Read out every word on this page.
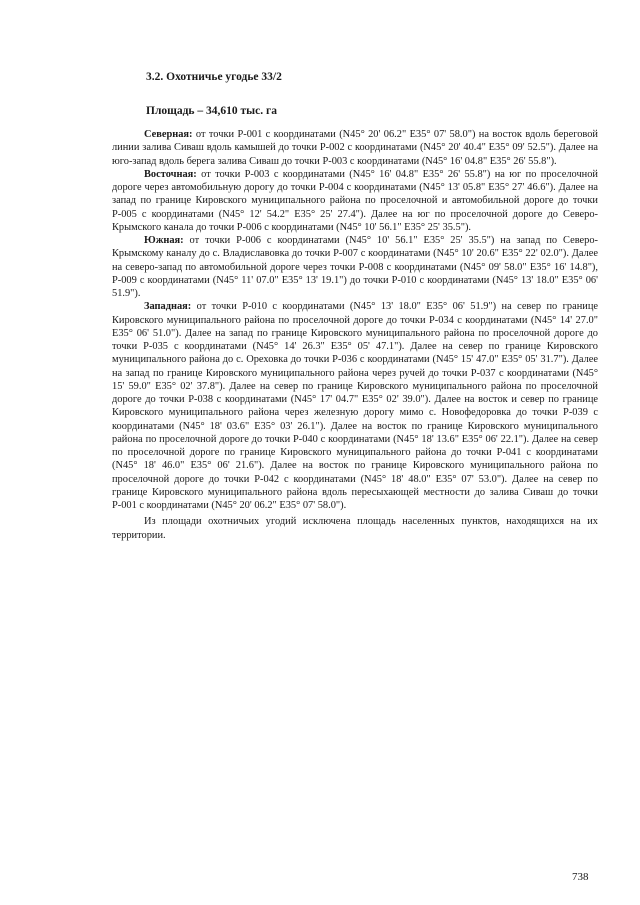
3.2. Охотничье угодье 33/2
Площадь – 34,610 тыс. га

Северная: от точки Р-001 с координатами (N45° 20' 06.2" E35° 07' 58.0") на восток вдоль береговой линии залива Сиваш вдоль камышей до точки Р-002 с координатами (N45° 20' 40.4" E35° 09' 52.5"). Далее на юго-запад вдоль берега залива Сиваш до точки Р-003 с координатами (N45° 16' 04.8" E35° 26' 55.8").

Восточная: от точки Р-003 с координатами (N45° 16' 04.8" E35° 26' 55.8") на юг по проселочной дороге через автомобильную дорогу до точки Р-004 с координатами (N45° 13' 05.8" E35° 27' 46.6"). Далее на запад по границе Кировского муниципального района по проселочной и автомобильной дороге до точки Р-005 с координатами (N45° 12' 54.2" E35° 25' 27.4"). Далее на юг по проселочной дороге до Северо-Крымского канала до точки Р-006 с координатами (N45° 10' 56.1" E35° 25' 35.5").

Южная: от точки Р-006 с координатами (N45° 10' 56.1" E35° 25' 35.5") на запад по Северо-Крымскому каналу до с. Владиславовка до точки Р-007 с координатами (N45° 10' 20.6" E35° 22' 02.0"). Далее на северо-запад по автомобильной дороге через точки Р-008 с координатами (N45° 09' 58.0" E35° 16' 14.8"), Р-009 с координатами (N45° 11' 07.0" E35° 13' 19.1") до точки Р-010 с координатами (N45° 13' 18.0" E35° 06' 51.9").

Западная: от точки Р-010 с координатами (N45° 13' 18.0" E35° 06' 51.9") на север по границе Кировского муниципального района по проселочной дороге до точки Р-034 с координатами (N45° 14' 27.0" E35° 06' 51.0"). Далее на запад по границе Кировского муниципального района по проселочной дороге до точки Р-035 с координатами (N45° 14' 26.3" E35° 05' 47.1"). Далее на север по границе Кировского муниципального района до с. Ореховка до точки Р-036 с координатами (N45° 15' 47.0" E35° 05' 31.7"). Далее на запад по границе Кировского муниципального района через ручей до точки Р-037 с координатами (N45° 15' 59.0" E35° 02' 37.8"). Далее на север по границе Кировского муниципального района по проселочной дороге до точки Р-038 с координатами (N45° 17' 04.7" E35° 02' 39.0"). Далее на восток и север по границе Кировского муниципального района через железную дорогу мимо с. Новофедоровка до точки Р-039 с координатами (N45° 18' 03.6" E35° 03' 26.1"). Далее на восток по границе Кировского муниципального района по проселочной дороге до точки Р-040 с координатами (N45° 18' 13.6" E35° 06' 22.1"). Далее на север по проселочной дороге по границе Кировского муниципального района до точки Р-041 с координатами (N45° 18' 46.0" E35° 06' 21.6"). Далее на восток по границе Кировского муниципального района по проселочной дороге до точки Р-042 с координатами (N45° 18' 48.0" E35° 07' 53.0"). Далее на север по границе Кировского муниципального района вдоль пересыхающей местности до залива Сиваш до точки Р-001 с координатами (N45° 20' 06.2" E35° 07' 58.0").

Из площади охотничьих угодий исключена площадь населенных пунктов, находящихся на их территории.

738
